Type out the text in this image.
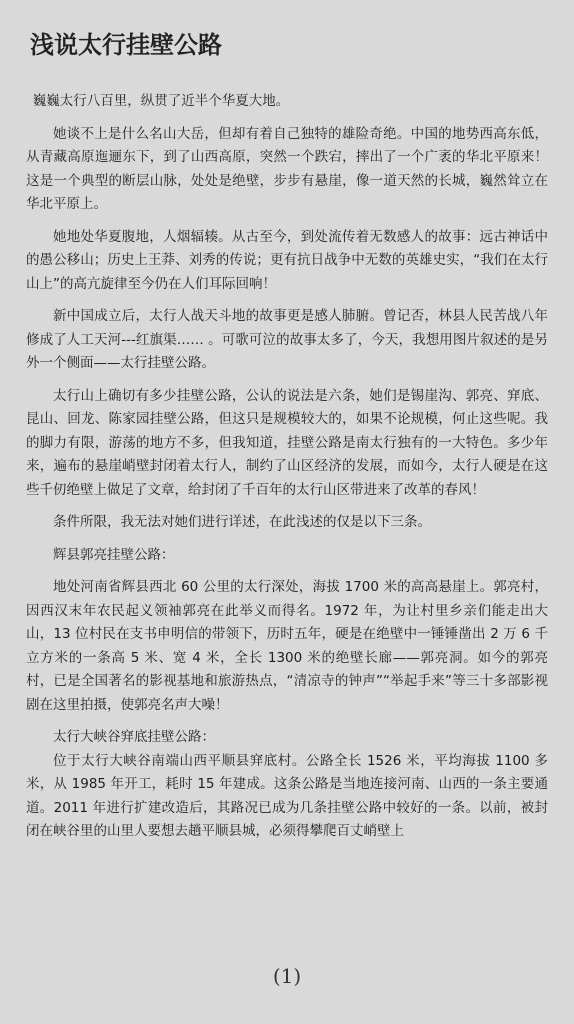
浅说太行挂壁公路

巍巍太行八百里，纵贯了近半个华夏大地。

她谈不上是什么名山大岳，但却有着自己独特的雄险奇绝。中国的地势西高东低，从青藏高原迤逦东下，到了山西高原，突然一个跌宕，摔出了一个广袤的华北平原来！这是一个典型的断层山脉，处处是绝壁，步步有悬崖，像一道天然的长城，巍然耸立在华北平原上。

她地处华夏腹地，人烟辐辏。从古至今，到处流传着无数感人的故事：远古神话中的愚公移山；历史上王莽、刘秀的传说；更有抗日战争中无数的英雄史实，“我们在太行山上”的高亢旋律至今仍在人们耳际回响！

新中国成立后，太行人战天斗地的故事更是感人肺腑。曾记否，林县人民苦战八年修成了人工天河---红旗渠…… 。可歌可泣的故事太多了，今天，我想用图片叙述的是另外一个侧面——太行挂壁公路。

太行山上确切有多少挂壁公路，公认的说法是六条，她们是锡崖沟、郭亮、穽底、昆山、回龙、陈家园挂壁公路，但这只是规模较大的，如果不论规模，何止这些呢。我的脚力有限，游荡的地方不多，但我知道，挂壁公路是南太行独有的一大特色。多少年来，遍布的悬崖峭壁封闭着太行人，制约了山区经济的发展，而如今，太行人硬是在这些千仞绝壁上做足了文章，给封闭了千百年的太行山区带进来了改革的春风！

条件所限，我无法对她们进行详述，在此浅述的仅是以下三条。

辉县郭亮挂壁公路：

地处河南省辉县西北 60 公里的太行深处，海拔 1700 米的高高悬崖上。郭亮村，因西汉末年农民起义领袖郭亮在此举义而得名。1972 年，为让村里乡亲们能走出大山，13 位村民在支书申明信的带领下，历时五年，硬是在绝壁中一锤锤凿出 2 万 6 千立方米的一条高 5 米、宽 4 米，全长 1300 米的绝壁长廊——郭亮洞。如今的郭亮村，已是全国著名的影视基地和旅游热点，“清凉寺的钟声”“举起手来”等三十多部影视剧在这里拍摄，使郭亮名声大噪！

太行大峡谷穽底挂壁公路：

位于太行大峡谷南端山西平顺县穽底村。公路全长 1526 米，平均海拔 1100 多米，从 1985 年开工，耗时 15 年建成。这条公路是当地连接河南、山西的一条主要通道。2011 年进行扩建改造后，其路况已成为几条挂壁公路中较好的一条。以前，被封闭在峡谷里的山里人要想去趟平顺县城，必须得攀爬百丈峭壁上

(1)
